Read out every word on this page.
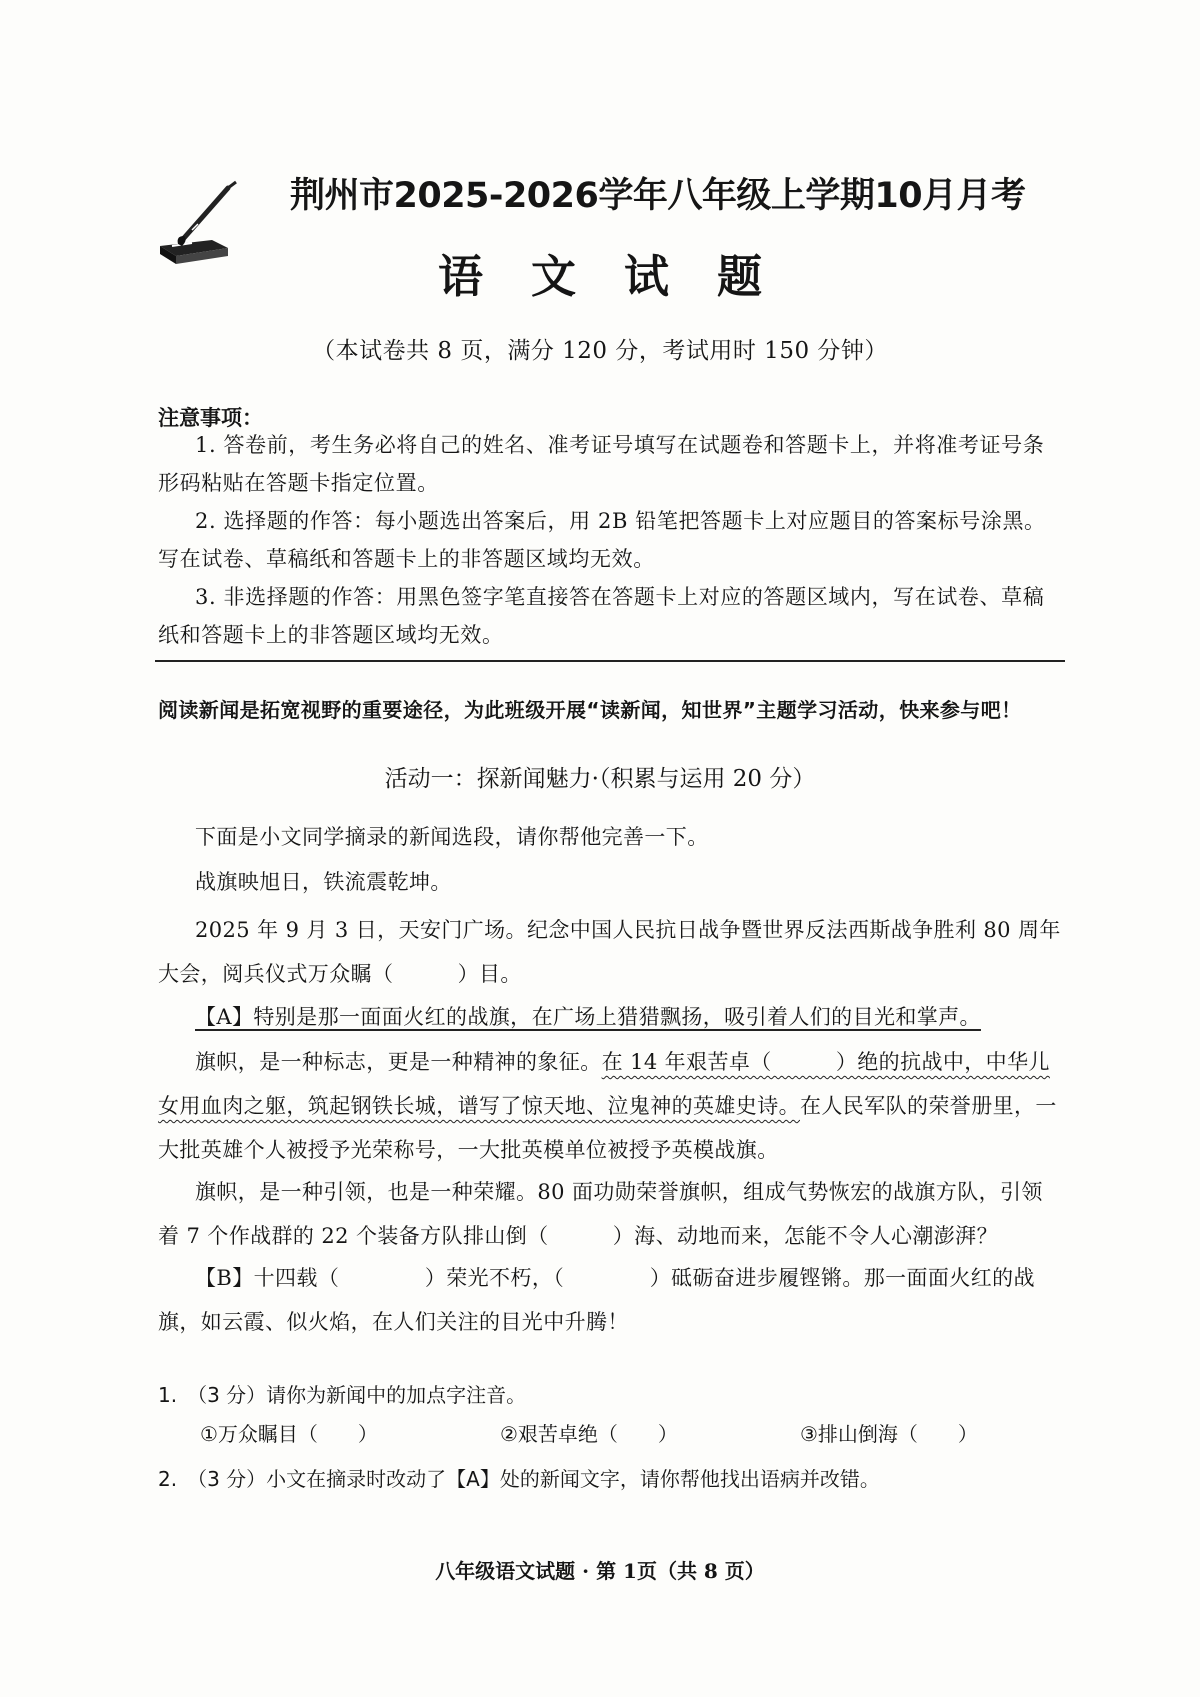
荆州市2025-2026学年八年级上学期10月月考
语文试题
（本试卷共 8 页，满分 120 分，考试用时 150 分钟）
注意事项：
1. 答卷前，考生务必将自己的姓名、准考证号填写在试题卷和答题卡上，并将准考证号条形码粘贴在答题卡指定位置。
2. 选择题的作答：每小题选出答案后，用 2B 铅笔把答题卡上对应题目的答案标号涂黑。写在试卷、草稿纸和答题卡上的非答题区域均无效。
3. 非选择题的作答：用黑色签字笔直接答在答题卡上对应的答题区域内，写在试卷、草稿纸和答题卡上的非答题区域均无效。
阅读新闻是拓宽视野的重要途径，为此班级开展“读新闻，知世界”主题学习活动，快来参与吧！
活动一：探新闻魅力·（积累与运用 20 分）
下面是小文同学摘录的新闻选段，请你帮他完善一下。
战旗映旭日，铁流震乾坤。
2025 年 9 月 3 日，天安门广场。纪念中国人民抗日战争暨世界反法西斯战争胜利 80 周年大会，阅兵仪式万众瞩（　　　）目。
【A】特别是那一面面火红的战旗，在广场上猎猎飘扬，吸引着人们的目光和掌声。
旗帜，是一种标志，更是一种精神的象征。在 14 年艰苦卓（　　　）绝的抗战中，中华儿女用血肉之躯，筑起钢铁长城，谱写了惊天地、泣鬼神的英雄史诗。在人民军队的荣誉册里，一大批英雄个人被授予光荣称号，一大批英模单位被授予英模战旗。
旗帜，是一种引领，也是一种荣耀。80 面功勋荣誉旗帜，组成气势恢宏的战旗方队，引领着 7 个作战群的 22 个装备方队排山倒（　　　）海、动地而来，怎能不令人心潮澎湃？
【B】十四载（　　　　）荣光不朽，（　　　　）砥砺奋进步履铿锵。那一面面火红的战旗，如云霞、似火焰，在人们关注的目光中升腾！
1.　（3 分）请你为新闻中的加点字注音。
①万众瞩目（　　）	②艰苦卓绝（　　）	③排山倒海（　　）
2.　（3 分）小文在摘录时改动了【A】处的新闻文字，请你帮他找出语病并改错。
八年级语文试题 · 第 1页（共 8 页）
